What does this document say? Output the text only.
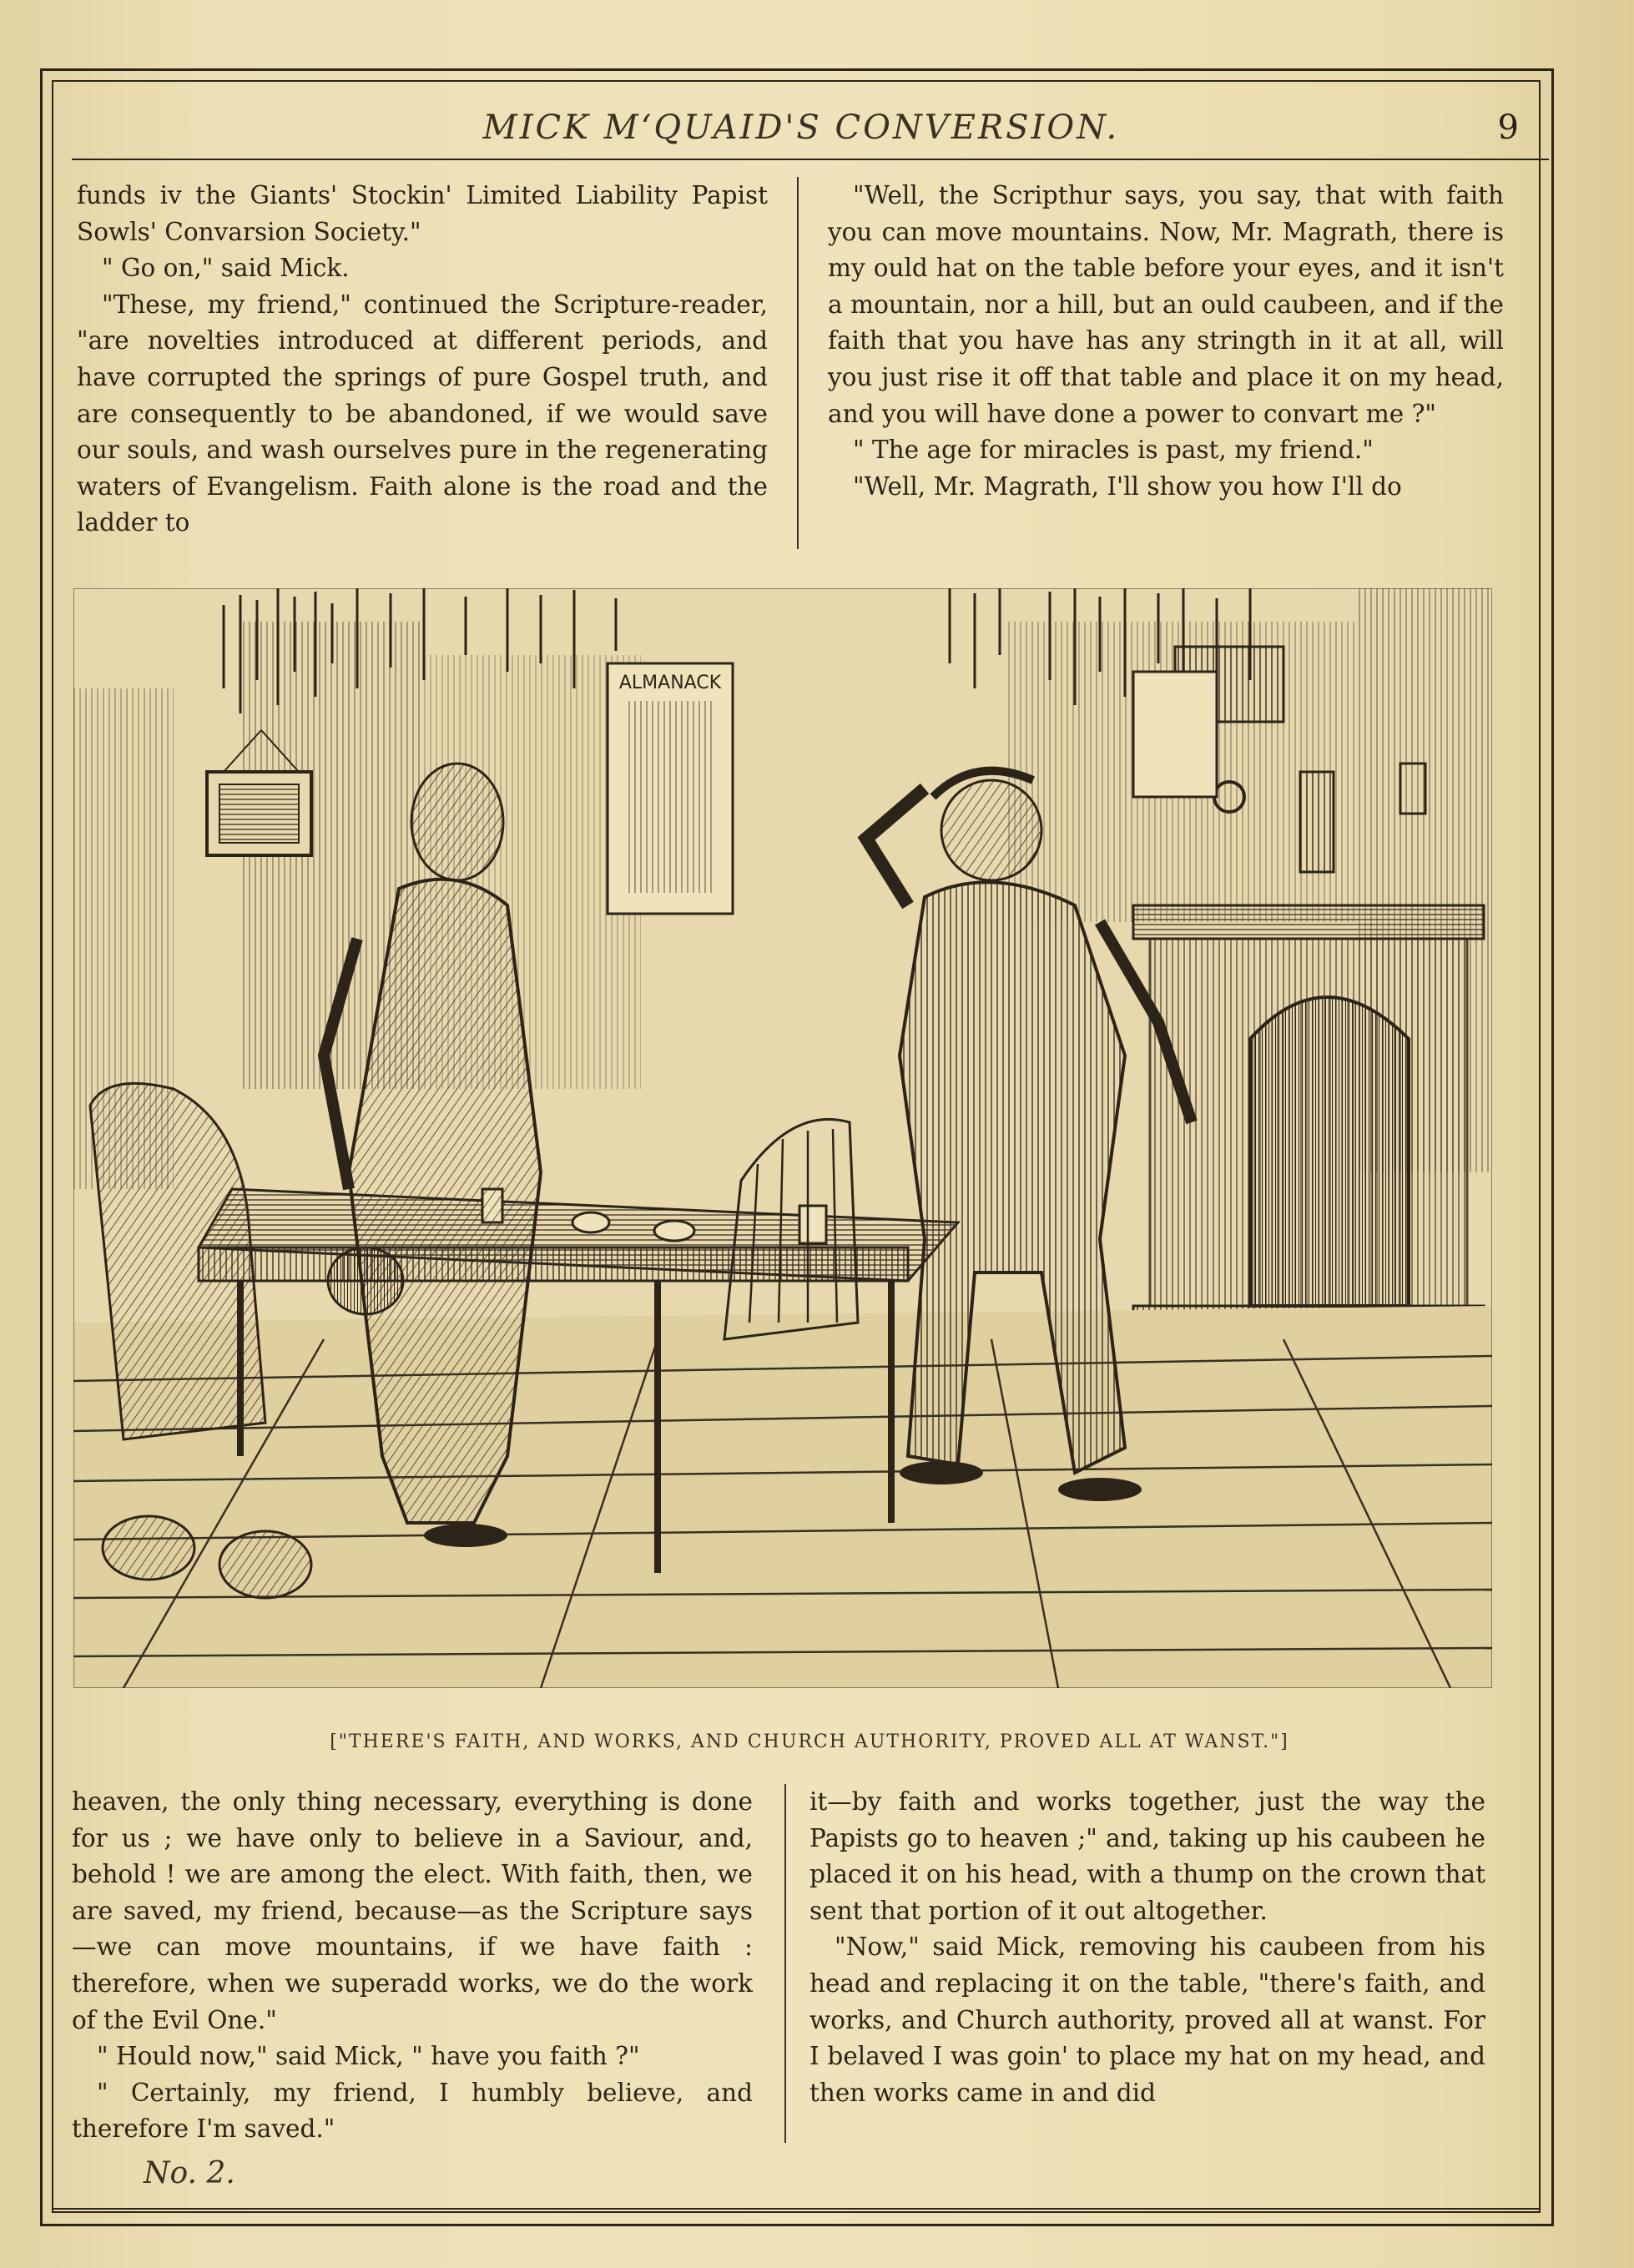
MICK M‘QUAID'S CONVERSION.	9

funds iv the Giants' Stockin' Limited Liability Papist Sowls' Convarsion Society."

" Go on," said Mick.

"These, my friend," continued the Scripture-reader, "are novelties introduced at different periods, and have corrupted the springs of pure Gospel truth, and are consequently to be abandoned, if we would save our souls, and wash ourselves pure in the regenerating waters of Evangelism. Faith alone is the road and the ladder to

"Well, the Scripthur says, you say, that with faith you can move mountains. Now, Mr. Magrath, there is my ould hat on the table before your eyes, and it isn't a mountain, nor a hill, but an ould caubeen, and if the faith that you have has any stringth in it at all, will you just rise it off that table and place it on my head, and you will have done a power to convart me ?"

" The age for miracles is past, my friend."

"Well, Mr. Magrath, I'll show you how I'll do

ALMANACK
["THERE'S FAITH, AND WORKS, AND CHURCH AUTHORITY, PROVED ALL AT WANST."]

heaven, the only thing necessary, everything is done for us ; we have only to believe in a Saviour, and, behold ! we are among the elect. With faith, then, we are saved, my friend, because—as the Scripture says—we can move mountains, if we have faith : therefore, when we superadd works, we do the work of the Evil One."

" Hould now," said Mick, " have you faith ?"

" Certainly, my friend, I humbly believe, and therefore I'm saved."

it—by faith and works together, just the way the Papists go to heaven ;" and, taking up his caubeen he placed it on his head, with a thump on the crown that sent that portion of it out altogether.

"Now," said Mick, removing his caubeen from his head and replacing it on the table, "there's faith, and works, and Church authority, proved all at wanst. For I belaved I was goin' to place my hat on my head, and then works came in and did

No. 2.
